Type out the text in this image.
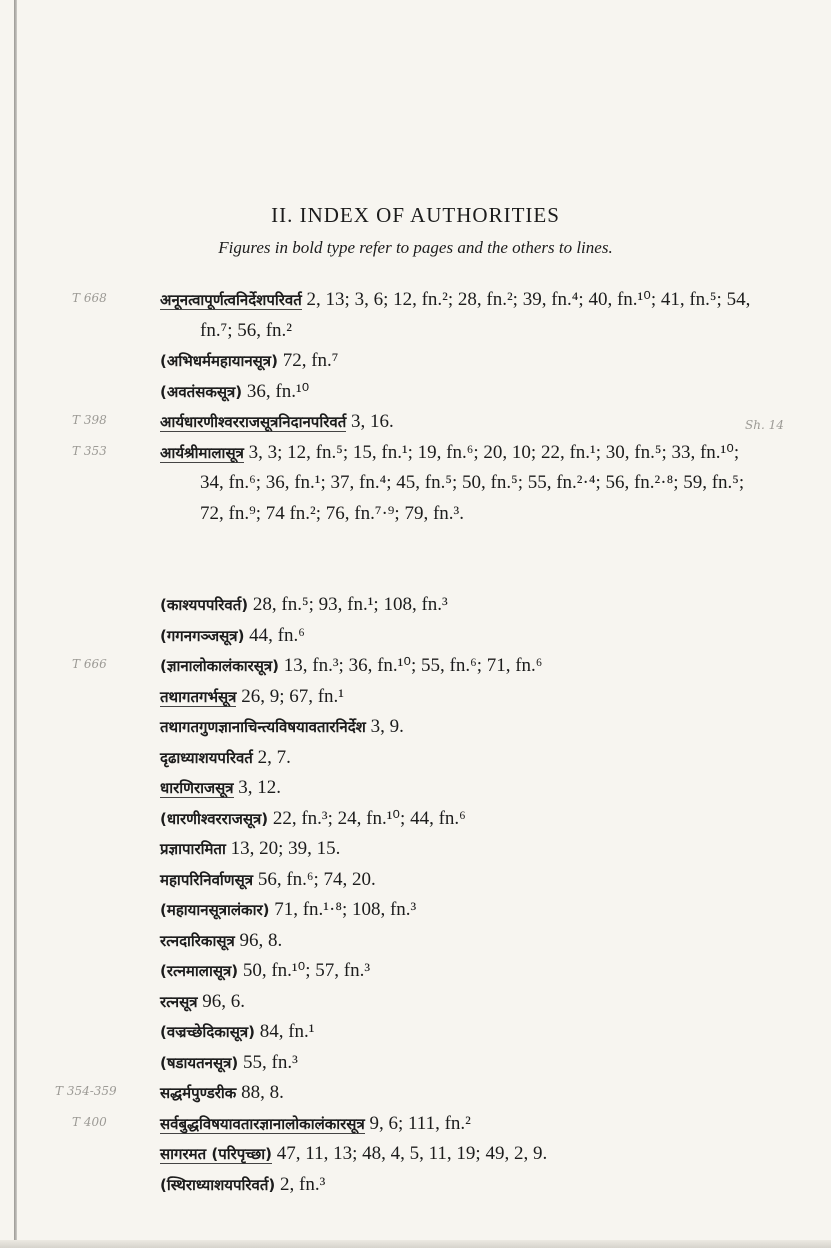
II. INDEX OF AUTHORITIES
Figures in bold type refer to pages and the others to lines.
अनूनत्वापूर्णत्वनिर्देशपरिवर्त 2, 13; 3, 6; 12, fn.²; 28, fn.²; 39, fn.⁴; 40, fn.¹⁰; 41, fn.⁵; 54, fn.⁷; 56, fn.²
(अभिधर्ममहायानसूत्र) 72, fn.⁷
(अवतंसकसूत्र) 36, fn.¹⁰
आर्यधारणीश्वरराजसूत्रनिदानपरिवर्त 3, 16.
आर्यश्रीमालासूत्र 3, 3; 12, fn.⁵; 15, fn.¹; 19, fn.⁶; 20, 10; 22, fn.¹; 30, fn.⁵; 33, fn.¹⁰; 34, fn.⁶; 36, fn.¹; 37, fn.⁴; 45, fn.⁵; 50, fn.⁵; 55, fn.²·⁴; 56, fn.²·⁸; 59, fn.⁵; 72, fn.⁹; 74 fn.²; 76, fn.⁷·⁹; 79, fn.³.
(काश्यपपरिवर्त) 28, fn.⁵; 93, fn.¹; 108, fn.³
(गगनगञ्जसूत्र) 44, fn.⁶
(ज्ञानालोकालंकारसूत्र) 13, fn.³; 36, fn.¹⁰; 55, fn.⁶; 71, fn.⁶
तथागतगर्भसूत्र 26, 9; 67, fn.¹
तथागतगुणज्ञानाचिन्त्यविषयावतारनिर्देश 3, 9.
दृढाध्याशयपरिवर्त 2, 7.
धारणिराजसूत्र 3, 12.
(धारणीश्वरराजसूत्र) 22, fn.³; 24, fn.¹⁰; 44, fn.⁶
प्रज्ञापारमिता 13, 20; 39, 15.
महापरिनिर्वाणसूत्र 56, fn.⁶; 74, 20.
(महायानसूत्रालंकार) 71, fn.¹·⁸; 108, fn.³
रत्नदारिकासूत्र 96, 8.
(रत्नमालासूत्र) 50, fn.¹⁰; 57, fn.³
रत्नसूत्र 96, 6.
(वज्रच्छेदिकासूत्र) 84, fn.¹
(षडायतनसूत्र) 55, fn.³
सद्धर्मपुण्डरीक 88, 8.
सर्वबुद्धविषयावतारज्ञानालोकालंकारसूत्र 9, 6; 111, fn.²
सागरमत (परिपृच्छा) 47, 11, 13; 48, 4, 5, 11, 19; 49, 2, 9.
(स्थिराध्याशयपरिवर्त) 2, fn.³
T 668
T 398
T 353
T 666
T 354-359
T 400
Sh. 14
